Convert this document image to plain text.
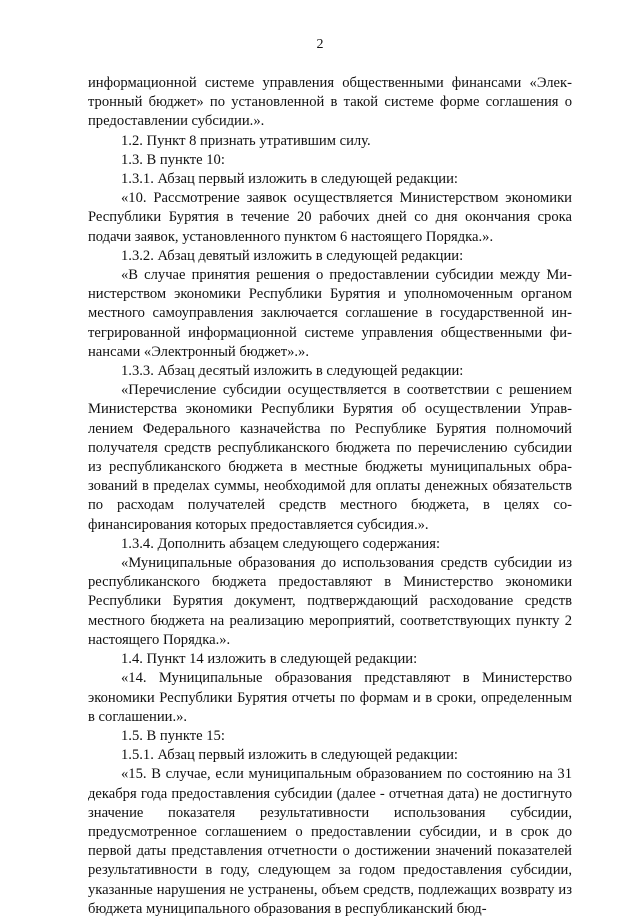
2

информационной системе управления общественными финансами «Электронный бюджет» по установленной в такой системе форме соглашения о предоставлении субсидии.».

1.2. Пункт 8 признать утратившим силу.

1.3. В пункте 10:

1.3.1. Абзац первый изложить в следующей редакции:

«10. Рассмотрение заявок осуществляется Министерством экономики Республики Бурятия в течение 20 рабочих дней со дня окончания срока подачи заявок, установленного пунктом 6 настоящего Порядка.».

1.3.2. Абзац девятый изложить в следующей редакции:

«В случае принятия решения о предоставлении субсидии между Министерством экономики Республики Бурятия и уполномоченным органом местного самоуправления заключается соглашение в государственной интегрированной информационной системе управления общественными финансами «Электронный бюджет».».

1.3.3. Абзац десятый изложить в следующей редакции:

«Перечисление субсидии осуществляется в соответствии с решением Министерства экономики Республики Бурятия об осуществлении Управлением Федерального казначейства по Республике Бурятия полномочий получателя средств республиканского бюджета по перечислению субсидии из республиканского бюджета в местные бюджеты муниципальных образований в пределах суммы, необходимой для оплаты денежных обязательств по расходам получателей средств местного бюджета, в целях софинансирования которых предоставляется субсидия.».

1.3.4. Дополнить абзацем следующего содержания:

«Муниципальные образования до использования средств субсидии из республиканского бюджета предоставляют в Министерство экономики Республики Бурятия документ, подтверждающий расходование средств местного бюджета на реализацию мероприятий, соответствующих пункту 2 настоящего Порядка.».

1.4. Пункт 14 изложить в следующей редакции:

«14. Муниципальные образования представляют в Министерство экономики Республики Бурятия отчеты по формам и в сроки, определенным в соглашении.».

1.5. В пункте 15:

1.5.1. Абзац первый изложить в следующей редакции:

«15. В случае, если муниципальным образованием по состоянию на 31 декабря года предоставления субсидии (далее - отчетная дата) не достигнуто значение показателя результативности использования субсидии, предусмотренное соглашением о предоставлении субсидии, и в срок до первой даты представления отчетности о достижении значений показателей результативности в году, следующем за годом предоставления субсидии, указанные нарушения не устранены, объем средств, подлежащих возврату из бюджета муниципального образования в республиканский бюд-
